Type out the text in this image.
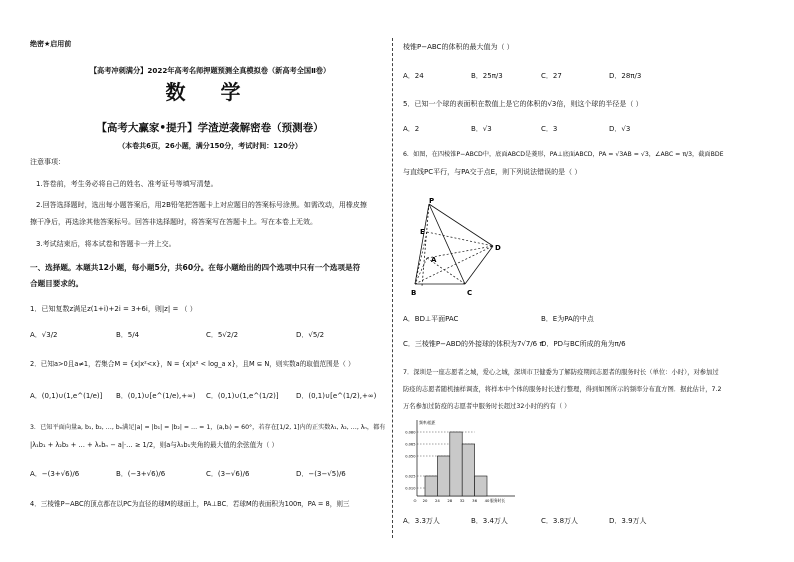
绝密★启用前
【高考冲刺满分】2022年高考名师押题预测全真模拟卷（新高考全国Ⅱ卷）
数 学
【高考大赢家•提升】学渣逆袭解密卷（预测卷）
（本卷共6页，26小题，满分150分，考试时间：120分）
注意事项：
1.答卷前，考生务必将自己的姓名、准考证号等填写清楚。
2.回答选择题时，选出每小题答案后，用2B铅笔把答题卡上对应题目的答案标号涂黑。如需改动，用橡皮擦
擦干净后，再选涂其他答案标号。回答非选择题时，将答案写在答题卡上。写在本卷上无效。
3.考试结束后，将本试卷和答题卡一并上交。
一、选择题。本题共12小题，每小题5分，共60分。在每小题给出的四个选项中只有一个选项是符
合题目要求的。
1．已知复数z满足z(1+i)+2i = 3+6i，则|z| = （ ）
A．√3/2	B．5/4	C．5√2/2	D．√5/2
2．已知a>0且a≠1，若集合M = {x|x²<x}，N = {x|x² < log_a x}，且M ⊆ N，则实数a的取值范围是（ ）
A．(0,1)∪(1,e^(1/e)] B．(0,1)∪[e^(1/e),+∞) C．(0,1)∪(1,e^(1/2)] D．(0,1)∪[e^(1/2),+∞)
3．已知平面向量a, b₁, b₂, …, bₙ满足|a| = |b₁| = |b₂| = … = 1，⟨a,bᵢ⟩ = 60°，若存在[1/2, 1]内的正实数λ₁, λ₂, …, λₙ，都有
|λ₁b₁ + λ₂b₂ + … + λₙbₙ − a|·… ≥ 1/2，则a与λ₁b₁夹角的最大值的余弦值为（ ）
A．−(3+√6)/6	B．(−3+√6)/6	C．(3−√6)/6	D．−(3−√5)/6
4．三棱锥P−ABC的顶点都在以PC为直径的球M的球面上，PA⊥BC．若球M的表面积为100π，PA = 8，则三
棱锥P−ABC的体积的最大值为（ ）
A．24	B．25π/3	C．27	D．28π/3
5．已知一个球的表面积在数值上是它的体积的√3倍，则这个球的半径是（ ）
A．2	B．√3	C．3	D．√3
6．如图，在四棱锥P−ABCD中，底面ABCD是菱形，PA⊥底面ABCD，PA = √3AB = √3，∠ABC = π/3，截面BDE
与直线PC平行，与PA交于点E，则下列说法错误的是（ ）
P
E
A
B	C
D
A．BD⊥平面PAC	B．E为PA的中点
C．三棱锥P−ABD的外接球的体积为7√7/6 π
D．PD与BC所成的角为π/6
7．深圳是一座志愿者之城，爱心之城，深圳市卫健委为了解防疫期间志愿者的服务时长（单位：小时），对参加过
防疫的志愿者随机抽样调查，将样本中个体的服务时长进行整理，得到如图所示的频率分布直方图．据此估计，7.2
万名参加过防疫的志愿者中服务时长超过32小时的约有（ ）
0.080
0.065
0.050
0.025
0.010
O 20 24 28 32 36 40
频率/组距
服务时长
A．3.3万人	B．3.4万人	C．3.8万人	D．3.9万人
